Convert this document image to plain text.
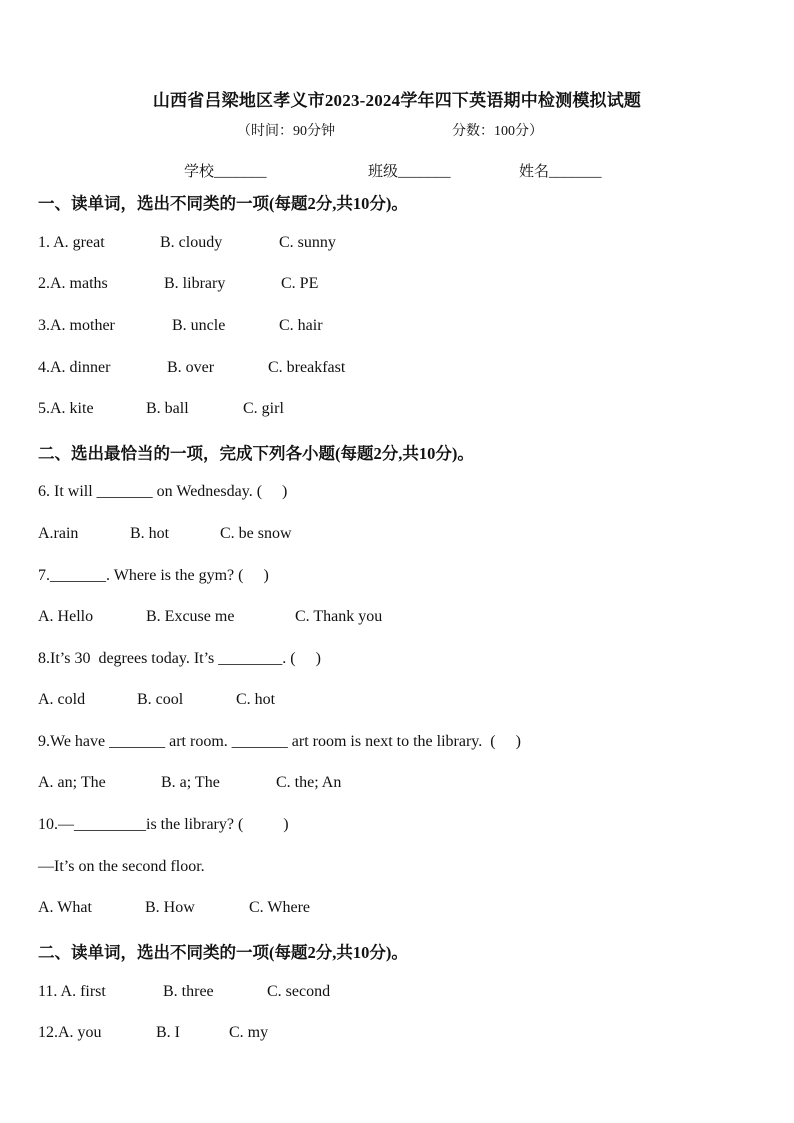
山西省吕梁地区孝义市2023-2024学年四下英语期中检测模拟试题
（时间：90分钟	分数：100分）
学校_______	班级_______	姓名_______
一、读单词，选出不同类的一项(每题2分,共10分)。
1. A. great	B. cloudy	C. sunny
2.A. maths	B. library	C. PE
3.A. mother	B. uncle	C. hair
4.A. dinner	B. over	C. breakfast
5.A. kite	B. ball	C. girl
二、选出最恰当的一项，完成下列各小题(每题2分,共10分)。
6. It will _______ on Wednesday. (     )
A.rain	B. hot	C. be snow
7._______. Where is the gym? (     )
A. Hello	B. Excuse me	C. Thank you
8.It’s 30  degrees today. It’s ________. (     )
A. cold	B. cool	C. hot
9.We have _______ art room. _______ art room is next to the library.  (     )
A. an; The	B. a; The	C. the; An
10.—_________is the library? (          )
—It’s on the second floor.
A. What	B. How	C. Where
二、读单词，选出不同类的一项(每题2分,共10分)。
11. A. first	B. three	C. second
12.A. you	B. I	C. my
